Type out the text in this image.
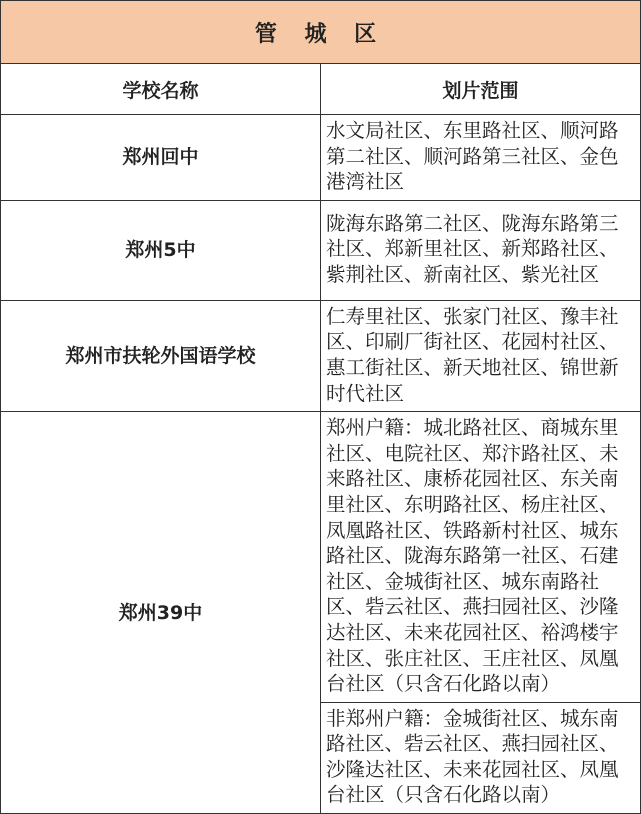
管 城 区	
学校名称	划片范围
郑州回中	水文局社区、东里路社区、顺河路第二社区、顺河路第三社区、金色港湾社区
郑州5中	陇海东路第二社区、陇海东路第三社区、郑新里社区、新郑路社区、紫荆社区、新南社区、紫光社区
郑州市扶轮外国语学校	仁寿里社区、张家门社区、豫丰社区、印刷厂街社区、花园村社区、惠工街社区、新天地社区、锦世新时代社区
郑州39中	郑州户籍：城北路社区、商城东里社区、电院社区、郑汴路社区、未来路社区、康桥花园社区、东关南里社区、东明路社区、杨庄社区、凤凰路社区、铁路新村社区、城东路社区、陇海东路第一社区、石建社区、金城街社区、城东南路社区、砦云社区、燕扫园社区、沙隆达社区、未来花园社区、裕鸿楼宇社区、张庄社区、王庄社区、凤凰台社区（只含石化路以南）
	非郑州户籍：金城街社区、城东南路社区、砦云社区、燕扫园社区、沙隆达社区、未来花园社区、凤凰台社区（只含石化路以南）
